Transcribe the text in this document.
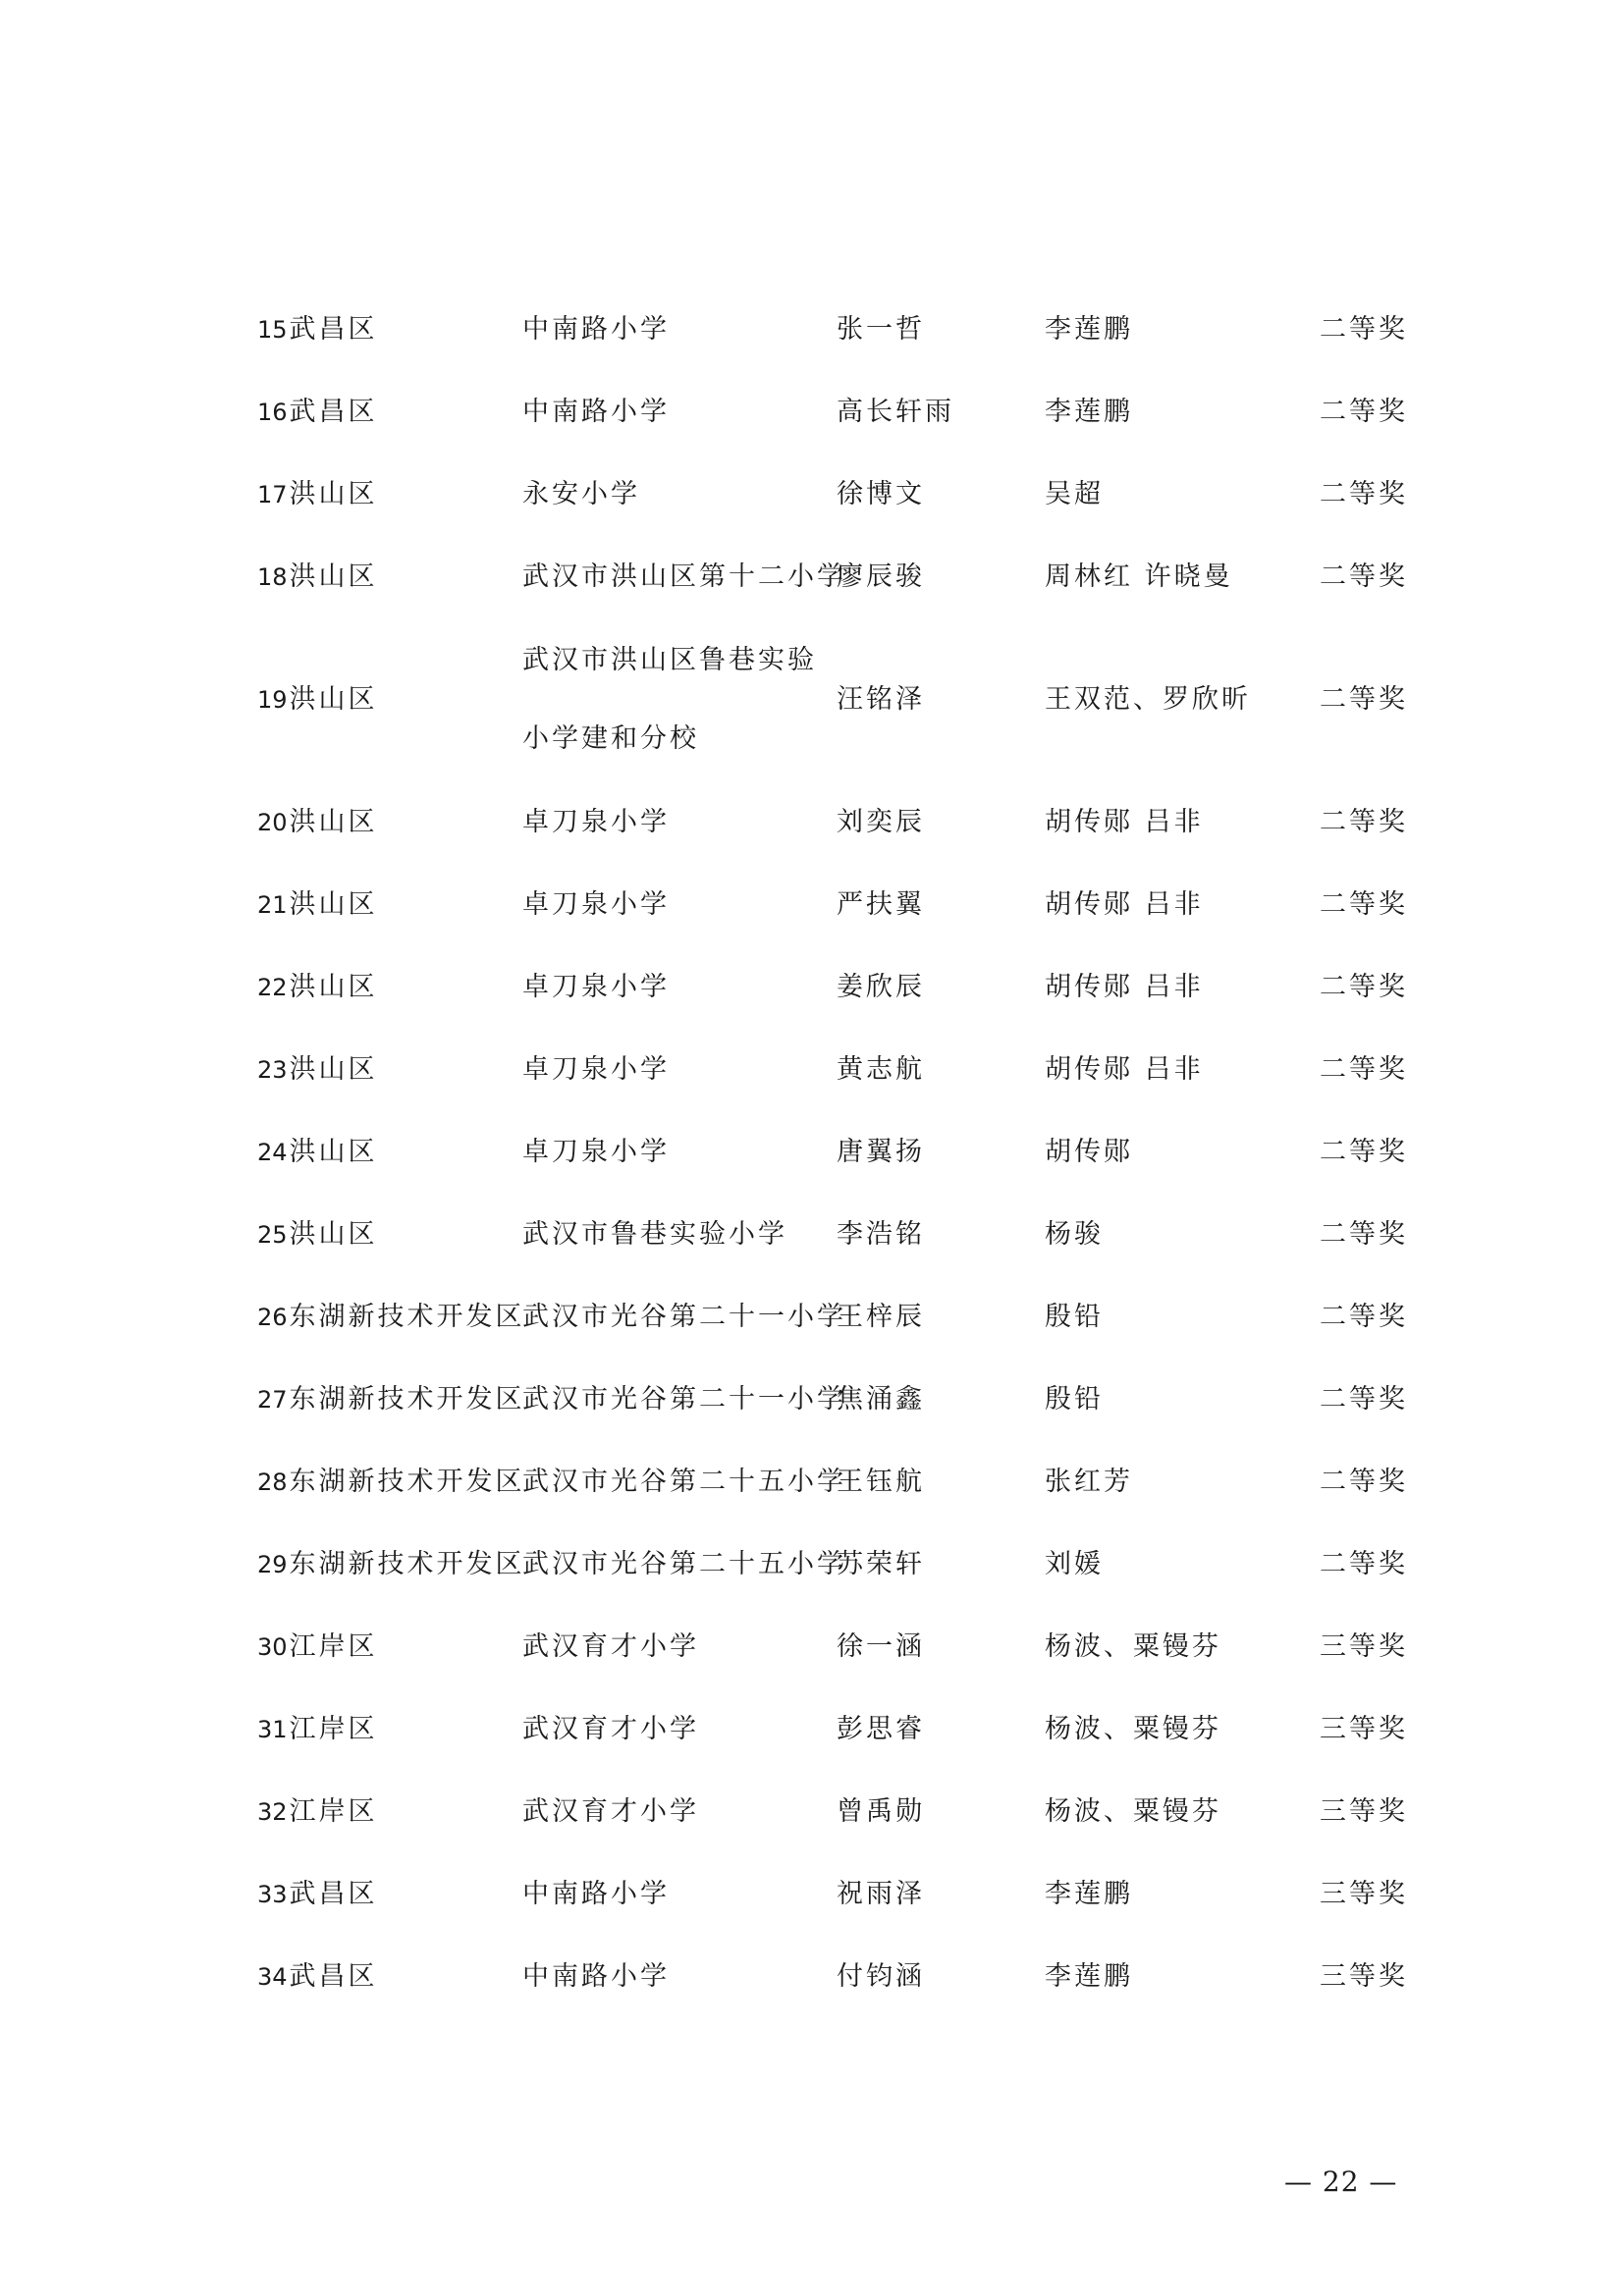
15武昌区	中南路小学	张一哲	李莲鹏	二等奖
16武昌区	中南路小学	高长轩雨	李莲鹏	二等奖
17洪山区	永安小学	徐博文	吴超	二等奖
18洪山区	武汉市洪山区第十二小学	廖辰骏	周林红 许晓曼	二等奖
19洪山区	武汉市洪山区鲁巷实验小学建和分校	汪铭泽	王双范、罗欣昕	二等奖
20洪山区	卓刀泉小学	刘奕辰	胡传郧 吕非	二等奖
21洪山区	卓刀泉小学	严扶翼	胡传郧 吕非	二等奖
22洪山区	卓刀泉小学	姜欣辰	胡传郧 吕非	二等奖
23洪山区	卓刀泉小学	黄志航	胡传郧 吕非	二等奖
24洪山区	卓刀泉小学	唐翼扬	胡传郧	二等奖
25洪山区	武汉市鲁巷实验小学	李浩铭	杨骏	二等奖
26东湖新技术开发区	武汉市光谷第二十一小学	王梓辰	殷铅	二等奖
27东湖新技术开发区	武汉市光谷第二十一小学	焦涌鑫	殷铅	二等奖
28东湖新技术开发区	武汉市光谷第二十五小学	王钰航	张红芳	二等奖
29东湖新技术开发区	武汉市光谷第二十五小学	苏荣轩	刘媛	二等奖
30江岸区	武汉育才小学	徐一涵	杨波、粟镘芬	三等奖
31江岸区	武汉育才小学	彭思睿	杨波、粟镘芬	三等奖
32江岸区	武汉育才小学	曾禹勋	杨波、粟镘芬	三等奖
33武昌区	中南路小学	祝雨泽	李莲鹏	三等奖
34武昌区	中南路小学	付钧涵	李莲鹏	三等奖
— 22 —
